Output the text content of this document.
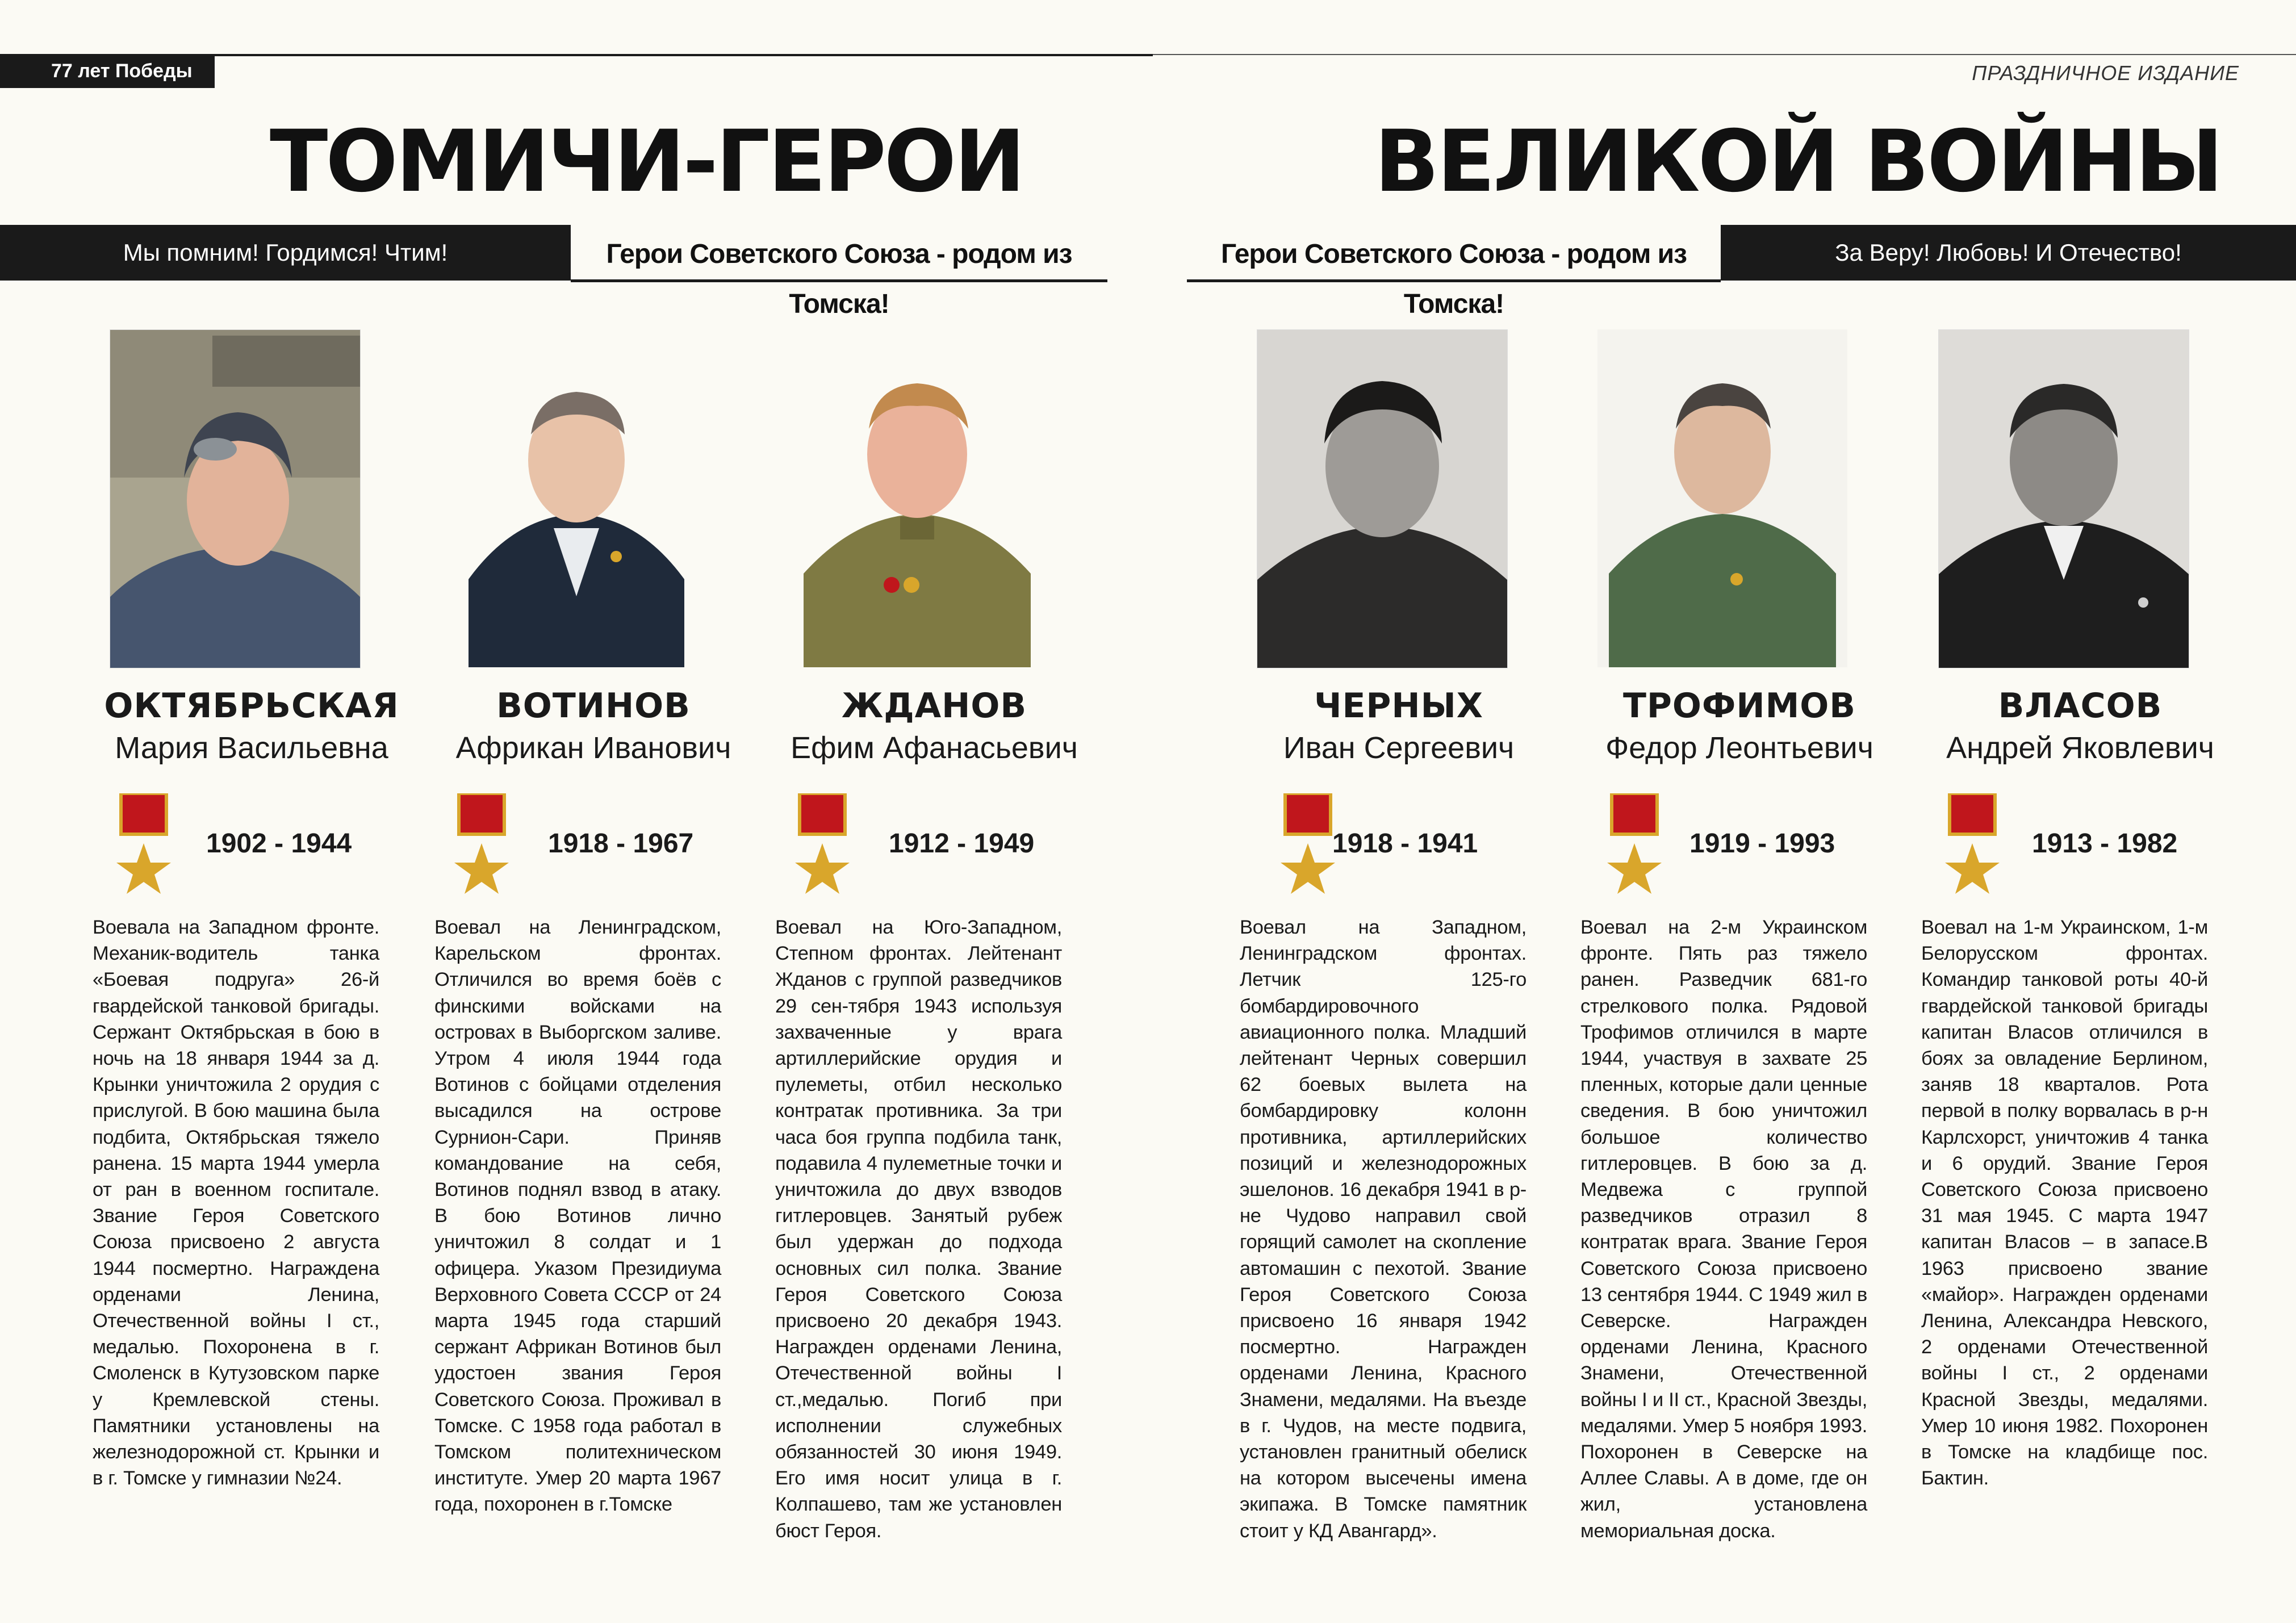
77 лет Победы	ПРАЗДНИЧНОЕ ИЗДАНИЕ
ТОМИЧИ-ГЕРОИ	ВЕЛИКОЙ ВОЙНЫ
Мы помним! Гордимся! Чтим!	Герои Советского Союза - родом из Томска!
Герои Советского Союза - родом из Томска!
За Веру! Любовь! И Отечество!
ОКТЯБРЬСКАЯ
Мария Васильевна
1902 - 1944
Воевала на Западном фронте. Механик-водитель танка «Боевая подруга» 26-й гвардейской танковой бригады. Сержант Октябрьская в бою в ночь на 18 января 1944 за д. Крынки уничтожила 2 орудия с прислугой. В бою машина была подбита, Октябрьская тяжело ранена. 15 марта 1944 умерла от ран в военном госпитале. Звание Героя Советского Союза присвоено 2 августа 1944 посмертно. Награждена орденами Ленина, Отечественной войны I ст., медалью. Похоронена в г. Смоленск в Кутузовском парке у Кремлевской стены. Памятники установлены на железнодорожной ст. Крынки и в г. Томске у гимназии №24.
ВОТИНОВ
Африкан Иванович
1918 - 1967
Воевал на Ленинградском, Карельском фронтах. Отличился во время боёв с финскими войсками на островах в Выборгском заливе. Утром 4 июля 1944 года Вотинов с бойцами отделения высадился на острове Сурнион-Сари. Приняв командование на себя, Вотинов поднял взвод в атаку. В бою Вотинов лично уничтожил 8 солдат и 1 офицера. Указом Президиума Верховного Совета СССР от 24 марта 1945 года старший сержант Африкан Вотинов был удостоен звания Героя Советского Союза. Проживал в Томске. С 1958 года работал в Томском политехническом институте. Умер 20 марта 1967 года, похоронен в г.Томске
ЖДАНОВ
Ефим Афанасьевич
1912 - 1949
Воевал на Юго-Западном, Степном фронтах. Лейтенант Жданов с группой разведчиков 29 сен-тября 1943 используя захваченные у врага артиллерийские орудия и пулеметы, отбил несколько контратак противника. За три часа боя группа подбила танк, подавила 4 пулеметные точки и уничтожила до двух взводов гитлеровцев. Занятый рубеж был удержан до подхода основных сил полка. Звание Героя Советского Союза присвоено 20 декабря 1943. Награжден орденами Ленина, Отечественной войны I ст.,медалью. Погиб при исполнении служебных обязанностей 30 июня 1949. Его имя носит улица в г. Колпашево, там же установлен бюст Героя.
ЧЕРНЫХ
Иван Сергеевич
1918 - 1941
Воевал на Западном, Ленинградском фронтах. Летчик 125-го бомбардировочного авиационного полка. Младший лейтенант Черных совершил 62 боевых вылета на бомбардировку колонн противника, артиллерийских позиций и железнодорожных эшелонов. 16 декабря 1941 в р-не Чудово направил свой горящий самолет на скопление автомашин с пехотой. Звание Героя Советского Союза присвоено 16 января 1942 посмертно. Награжден орденами Ленина, Красного Знамени, медалями. На въезде в г. Чудов, на месте подвига, установлен гранитный обелиск на котором высечены имена экипажа. В Томске памятник стоит у КД Авангард».
ТРОФИМОВ
Федор Леонтьевич
1919 - 1993
Воевал на 2-м Украинском фронте. Пять раз тяжело ранен. Разведчик 681-го стрелкового полка. Рядовой Трофимов отличился в марте 1944, участвуя в захвате 25 пленных, которые дали ценные сведения. В бою уничтожил большое количество гитлеровцев. В бою за д. Медвежа с группой разведчиков отразил 8 контратак врага. Звание Героя Советского Союза присвоено 13 сентября 1944. С 1949 жил в Северске. Награжден орденами Ленина, Красного Знамени, Отечественной войны I и II ст., Красной Звезды, медалями. Умер 5 ноября 1993. Похоронен в Северске на Аллее Славы. А в доме, где он жил, установлена мемориальная доска.
ВЛАСОВ
Андрей Яковлевич
1913 - 1982
Воевал на 1-м Украинском, 1-м Белорусском фронтах. Командир танковой роты 40-й гвардейской танковой бригады капитан Власов отличился в боях за овладение Берлином, заняв 18 кварталов. Рота первой в полку ворвалась в р-н Карлсхорст, уничтожив 4 танка и 6 орудий. Звание Героя Советского Союза присвоено 31 мая 1945. С марта 1947 капитан Власов – в запасе.В 1963 присвоено звание «майор». Награжден орденами Ленина, Александра Невского, 2 орденами Отечественной войны I ст., 2 орденами Красной Звезды, медалями. Умер 10 июня 1982. Похоронен в Томске на кладбище пос. Бактин.
